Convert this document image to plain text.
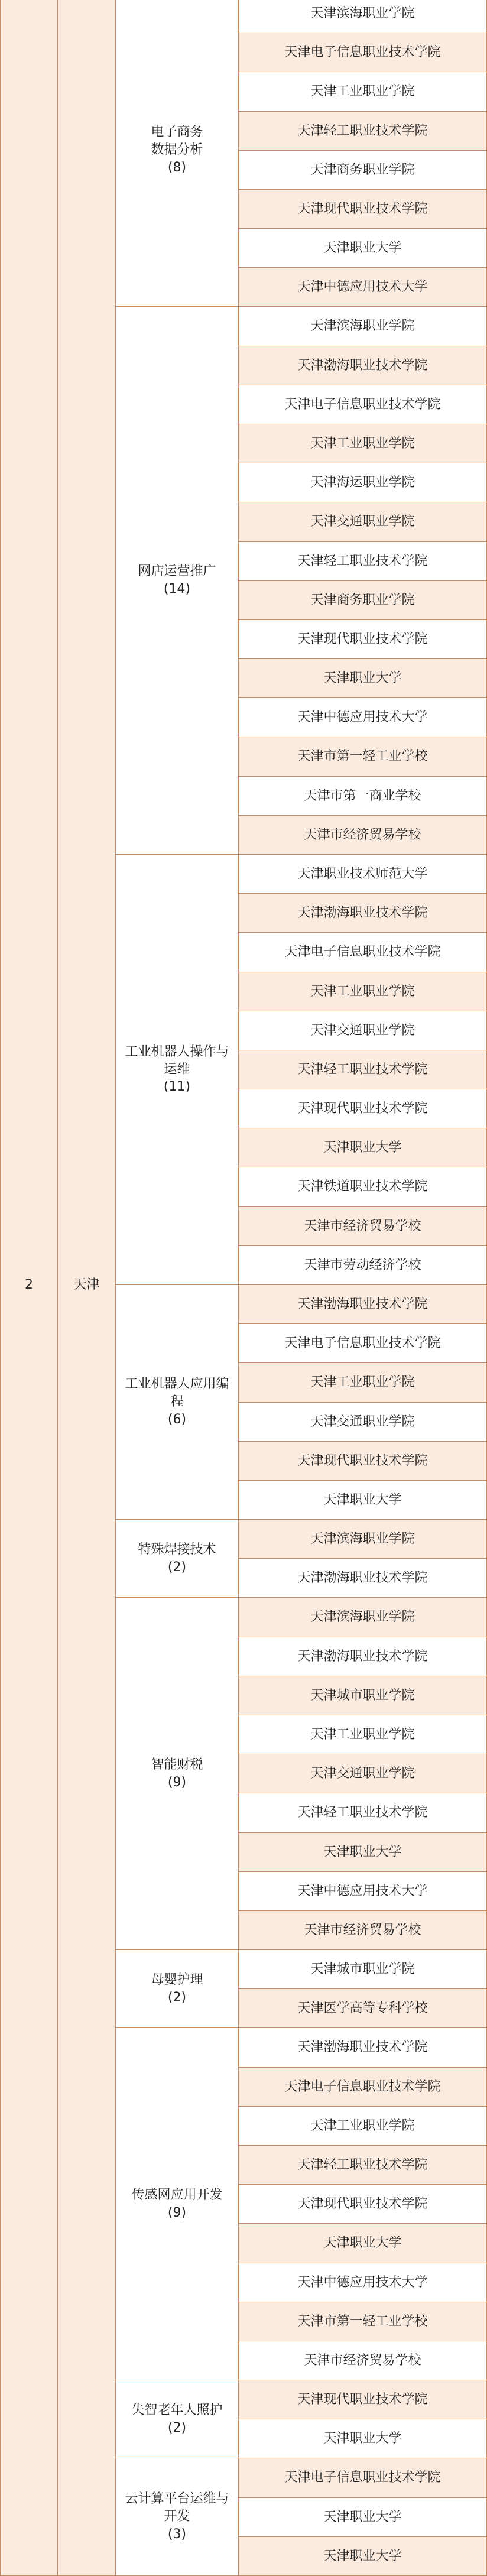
2	天津
电子商务
数据分析
(8)
天津滨海职业学院
天津电子信息职业技术学院
天津工业职业学院
天津轻工职业技术学院
天津商务职业学院
天津现代职业技术学院
天津职业大学
天津中德应用技术大学
网店运营推广
(14)
天津滨海职业学院
天津渤海职业技术学院
天津电子信息职业技术学院
天津工业职业学院
天津海运职业学院
天津交通职业学院
天津轻工职业技术学院
天津商务职业学院
天津现代职业技术学院
天津职业大学
天津中德应用技术大学
天津市第一轻工业学校
天津市第一商业学校
天津市经济贸易学校
工业机器人操作与
运维
(11)
天津职业技术师范大学
天津渤海职业技术学院
天津电子信息职业技术学院
天津工业职业学院
天津交通职业学院
天津轻工职业技术学院
天津现代职业技术学院
天津职业大学
天津铁道职业技术学院
天津市经济贸易学校
天津市劳动经济学校
工业机器人应用编
程
(6)
天津渤海职业技术学院
天津电子信息职业技术学院
天津工业职业学院
天津交通职业学院
天津现代职业技术学院
天津职业大学
特殊焊接技术
(2)
天津滨海职业学院
天津渤海职业技术学院
智能财税
(9)
天津滨海职业学院
天津渤海职业技术学院
天津城市职业学院
天津工业职业学院
天津交通职业学院
天津轻工职业技术学院
天津职业大学
天津中德应用技术大学
天津市经济贸易学校
母婴护理
(2)
天津城市职业学院
天津医学高等专科学校
传感网应用开发
(9)
天津渤海职业技术学院
天津电子信息职业技术学院
天津工业职业学院
天津轻工职业技术学院
天津现代职业技术学院
天津职业大学
天津中德应用技术大学
天津市第一轻工业学校
天津市经济贸易学校
失智老年人照护
(2)
天津现代职业技术学院
天津职业大学
云计算平台运维与
开发
(3)
天津电子信息职业技术学院
天津职业大学
天津职业大学
